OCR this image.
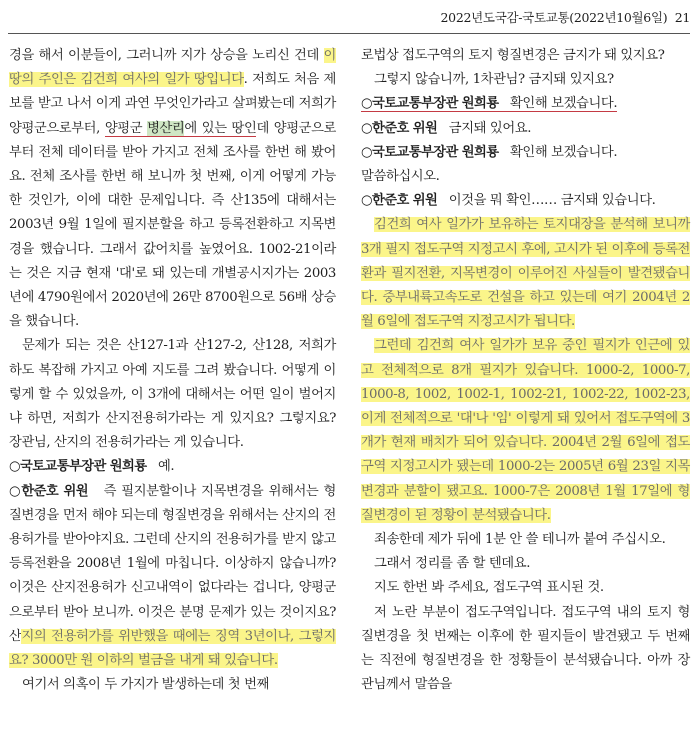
2022년도국감-국토교통(2022년10월6일) 21

경을 해서 이분들이, 그러니까 지가 상승을 노리신 건데 이 땅의 주인은 김건희 여사의 일가 땅입니다. 저희도 처음 제보를 받고 나서 이게 과연 무엇인가라고 살펴봤는데 저희가 양평군으로부터, 양평군 병산리에 있는 땅인데 양평군으로부터 전체 데이터를 받아 가지고 전체 조사를 한번 해 봤어요. 전체 조사를 한번 해 보니까 첫 번째, 이게 어떻게 가능한 것인가, 이에 대한 문제입니다. 즉 산135에 대해서는 2003년 9월 1일에 필지분할을 하고 등록전환하고 지목변경을 했습니다. 그래서 값어치를 높였어요. 1002-21이라는 것은 지금 현재 '대'로 돼 있는데 개별공시지가는 2003년에 4790원에서 2020년에 26만 8700원으로 56배 상승을 했습니다.

문제가 되는 것은 산127-1과 산127-2, 산128, 저희가 하도 복잡해 가지고 아예 지도를 그려 봤습니다. 어떻게 이렇게 할 수 있었을까, 이 3개에 대해서는 어떤 일이 벌어지냐 하면, 저희가 산지전용허가라는 게 있지요? 그렇지요? 장관님, 산지의 전용허가라는 게 있습니다.

○국토교통부장관 원희룡 예.

○한준호 위원 즉 필지분할이나 지목변경을 위해서는 형질변경을 먼저 해야 되는데 형질변경을 위해서는 산지의 전용허가를 받아야지요. 그런데 산지의 전용허가를 받지 않고 등록전환을 2008년 1월에 마칩니다. 이상하지 않습니까? 이것은 산지전용허가 신고내역이 없다라는 겁니다, 양평군으로부터 받아 보니까. 이것은 분명 문제가 있는 것이지요? 산지의 전용허가를 위반했을 때에는 징역 3년이나, 그렇지요? 3000만 원 이하의 벌금을 내게 돼 있습니다.

여기서 의혹이 두 가지가 발생하는데 첫 번째

로법상 접도구역의 토지 형질변경은 금지가 돼 있지요?

그렇지 않습니까, 1차관님? 금지돼 있지요?

○국토교통부장관 원희룡 확인해 보겠습니다.

○한준호 위원 금지돼 있어요.

○국토교통부장관 원희룡 확인해 보겠습니다.
말씀하십시오.

○한준호 위원 이것을 뭐 확인…… 금지돼 있습니다.

김건희 여사 일가가 보유하는 토지대장을 분석해 보니까 3개 필지 접도구역 지정고시 후에, 고시가 된 이후에 등록전환과 필지전환, 지목변경이 이루어진 사실들이 발견됐습니다. 중부내륙고속도로 건설을 하고 있는데 여기 2004년 2월 6일에 접도구역 지정고시가 됩니다.

그런데 김건희 여사 일가가 보유 중인 필지가 인근에 있고 전체적으로 8개 필지가 있습니다. 1000-2, 1000-7, 1000-8, 1002, 1002-1, 1002-21, 1002-22, 1002-23, 이게 전체적으로 '대'나 '임' 이렇게 돼 있어서 접도구역에 3개가 현재 배치가 되어 있습니다. 2004년 2월 6일에 접도구역 지정고시가 됐는데 1000-2는 2005년 6월 23일 지목변경과 분할이 됐고요. 1000-7은 2008년 1월 17일에 형질변경이 된 정황이 분석됐습니다.

죄송한데 제가 뒤에 1분 안 쓸 테니까 붙여 주십시오.

그래서 정리를 좀 할 텐데요.

지도 한번 봐 주세요, 접도구역 표시된 것.

저 노란 부분이 접도구역입니다. 접도구역 내의 토지 형질변경을 첫 번째는 이후에 한 필지들이 발견됐고 두 번째는 직전에 형질변경을 한 정황들이 분석됐습니다. 아까 장관님께서 말씀을
